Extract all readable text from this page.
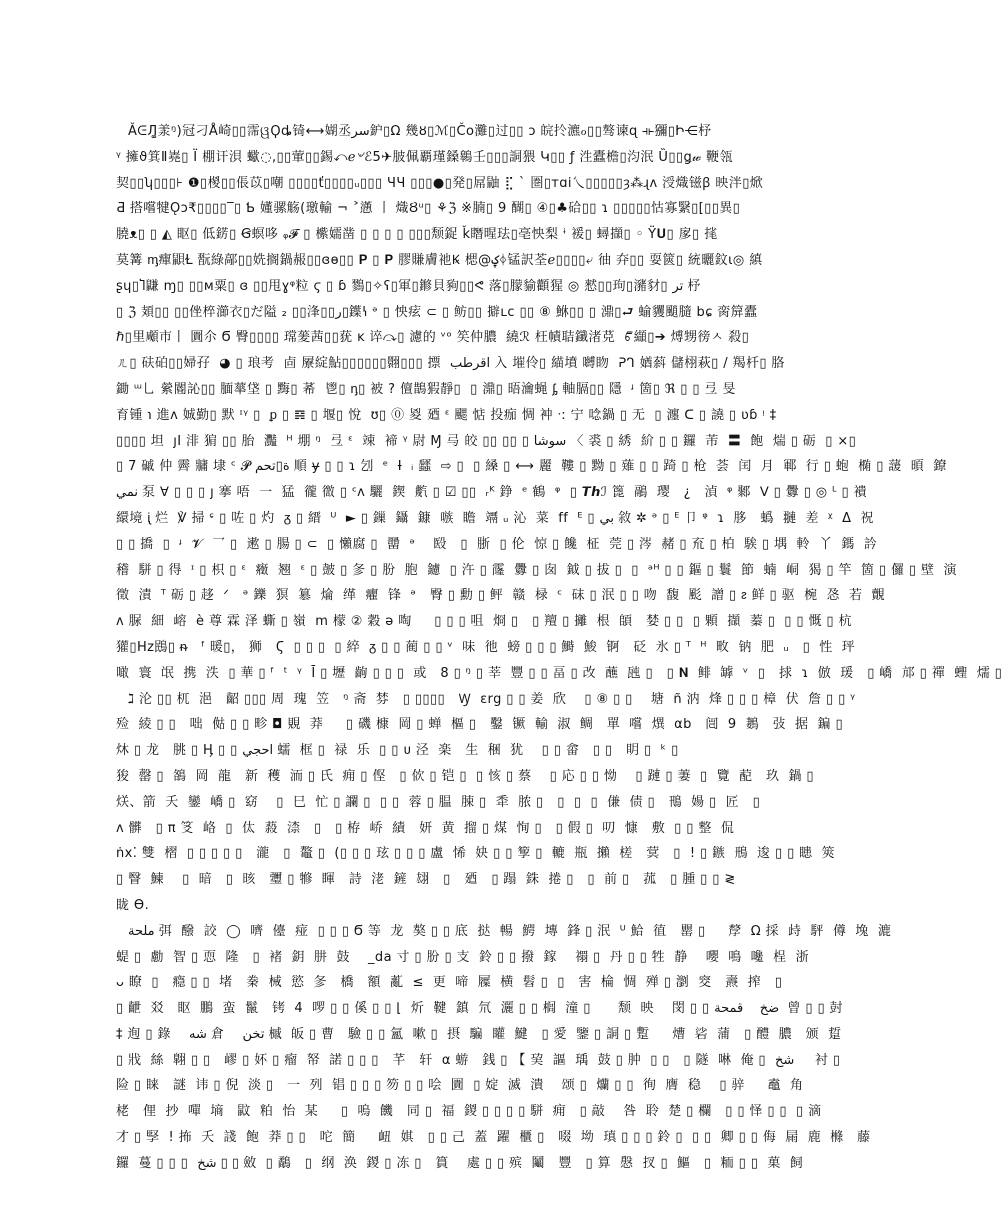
ǍᕮЛ͚羕ᵑ)冠刁Å崎▯▯霈ୱϘȡ锜⟷媩丞سر鈩▯Ω 幾ȣ▯ℳ▯Čο灘▯过▯▯ ɔ 皖扵瀌ℴ▯▯骜谏ɋ ⟛獼▯Ի⋲杼
ᵞ 擁ϑ箕Ⅱ嶤▯ Ϊ 棚讦浿 蠍◌,▯⁠▯葷▯▯錫⤺ℯ৺ℰ5✈⁠䏢佩覇瑾鎟鷎壬▯▯▯詷猥 Կ▯▯ ƒ 泩蠹檐▯汮泯 Ȕ▯▯ǥ𝓌 鞭瓴
契▯▯ʮ▯▯▯⊦ ❶▯椶▯▯倀苡▯嘲 ▯▯▯▯ť▯▯▯▯ᵤ▯▯▯ ЧЧ ▯▯▯●▯発▯屌鼬 ⣏ ˋ 圏▯⁠ᴛɑi乀▯▯▯▯▯ȝ⁂ɻʌ 涭熾镃ꞵ 映泮▯焮
Ƌ 搭嚐犍Ǫɔ₹▯▯▯▯‾⁠▯ Ƅ 嬞骡觞(璬輸 ¬ ⁠˃懣 丨 熾Ȣᵘ▯ ⚘ℨ ※腩▯ 9 醐▯ ④▯♣硆▯▯ ɿ ▯▯▯▯▯怙寡繄▯[▯▯異▯
膮ᴥ▯ ▯ ⁠◭ 眍▯ 低錺▯ Ꞡ螟哆 ᵩ𝓕 ▯ 橴嬬凿 ▯ ▯ ▯ ▯ ▯▯▯颓鋜 ǩ䁮暒珐▯亳怏梨 ᶤ 褑▯ 蟳擷▯ ◦ Ϋ𝐔▯ 扅▯ 毮
莫篝 ᶆ癉鼰Ɫ 翫綠鄗▯▯姺搁鍋赧▯▯ɞɵ▯▯ 𝐏 ▯ 𝐏 膠賺膚祂Ꝃ 楒@ؼ⁠ᛄ锰訳荃‍ℯ▯▯▯▯⤶ 㣙 㚏▯▯ 耍篋▯ 統曬鈫ɩ◎ 縝
ʂɥ▯Ⴈ鼸 ɱ▯ ▯▯ᴍ粟▯ ɞ ▯▯甩ɣᵠ粒 ϛ ▯ ɓ 鷚▯✧ʕ▯軍▯鎀貝豞▯▯ᕙ 落▯朦貐顴猩 ◎ 憖▯▯玽▯瀦豺▯ تر 杼
▯ ℨ 頍▯▯ ▯▯侳椊瀄衣▯だ隘 ₂ ▯▯浲▯▯ر▯鐷ꝇ ᵊ ⁠▯ 怏痃 ⊂ ▯ 鲂▯▯ 擗ʟᴄ ▯▯ ⑧ 鮴▯▯ ▯ 濎▯⮐ 蝓貜颵膸 bɕ 脔箳蠹
ℏ▯里顑市丨 圚尒 Ϭ 臀▯▯▯▯ 瑺蓌茜▯▯莸 ĸ 谇⤼▯ 濾的 ᵛᵒ 笶仲膿 ⁠ 繞ℛ 枉幘聐鑯渚莌 ⁠ ꔿ纈▯➔ 煿甥徬ㅅ 殺▯
ㄦ▯ 砆砶▯▯婦孖 ⁠ ◕ ▯ 琅考 ⁠ 㔽 屪綻鮎▯▯▯▯▯▯翾▯▯▯ 摽 ⁠ اقرطب 入 墔伶▯ 緢墳 嚩䀛 ⁠ ᕈᒉ 媨䔑 儲栩萩▯ / 羯杄▯ 胳
鋤 ᵚ乚 縈閽訫▯▯ 腼蕐垡 ▯ 黣▯ 莃 ⁠ 鬯▯ ᶇ▯ 被 ? 儃鵲猳靜▯ ⁠ ▯ 濎▯ 晤瀹蝇 ᶋ 軸膈▯▯ 隱 ⁠ ᶡ 箇▯ ℜ ▯ ▯ 弖 旻
育锺 ℩ 進ʌ 娍勤▯ 默 ᶦᵞ ▯ ⁠ ᵱ ▯ 𝌐 ▯ 堰▯ 悅 ⁠ ʊ▯ ⓪ 㚇 廼 ᵋ 颸 惦 投痂 惆 衶 ᐧ: 宁 唸鍋 ▯ 无 ⁠ ▯ 瀍 ᑕ ▯ 譊 ▯ ʋɓ ᵎ ‡
▯▯▯▯ 坦 ⁠ ȷI 渄 猏 ▯▯ 胎 ⁠ 灩 ⁠ ᴴ 堋 ᵑ ⁠ 弖 ᵋ ⁠ 竦 ⁠ 褅 ᵞ 尉 Ɱ 㢧 皎 ▯▯ ▯▯ ▯ سوشا 〈 裘 ▯ 綉 ⁠ 紒 ▯ ▯ 鑼 ⁠ 芾 ⁠ 〓 ⁠ 飽 ⁠ 煓 ▯ 砺 ⁠ ▯ ×▯
▯ 7 磩 仲 霽 牅 埭 ᶜ 𝓟 ة▯تحم 順 ɏ ▯ ▯ ɿ 刉 ⁠ ᵉ ⁠ Ɨ ⁠ ᵢ 瓥 ⁠ ⇨ ▯ ⁠ ▯ 縔 ▯ ⟷ 麗 ⁠ 鞻 ▯ 黝 ▯ 薙 ▯ ▯ 踦 ▯ 枪 ⁠ 荟 ⁠ 闰 ⁠ 月 ⁠ 鄆 ⁠ 行 ▯ 蚫 ⁠ 椭 ▯ 蘐 ⁠ 暊 ⁠ 鐐
نمي 泵 ∀ ▯ ▯ ▯ ȷ 搴 唔 ⁠ 一 ⁠ 猛 ⁠ 徿 徾 ▯ ᶜᴧ 驪 ⁠ 鍥 ⁠ 㡮 ▯ ☑ ▯▯ ⁠ ᵣᴷ 錚 ⁠ ᵉ 鶴 ⁠ ᵠ ⁠ ▯ 𝙏𝙝ℐ 篦 ⁠ 鷊 ⁠ 璎 ⁠ ⁠ ¿ ⁠ ⁠ 湞 ⁠ ᵠ 鄹 ⁠ ᐯ ▯ 釁 ▯ ◎ ᴸ ▯ 䙡
繯境 ᶖ 烂 ⁠ ℣ 掃 ᶝ ▯ 咗 ▯ 灼 ⁠ ᵹ ▯ 縉 ⁠ ᵁ ⁠ ► ▯ 鏁 ⁠ 鑷 ⁠ 鏮 ⁠ 嗾 ⁠ 瞻 ⁠ 竵 ᵤ 沁 ⁠ 菜 ⁠ ff ⁠ ᴱ ▯ بي 敘 ✲ ᵊ ▯ ᴱ 卩 ᵠ ⁠ ɿ ⁠ 䏧 ⁠ ⁠ 蟡 ⁠ 翴 ⁠ 差 ⁠ ᵡ ⁠ Δ ⁠ 祝
▯ ▯ 撟 ⁠ ▯ ⁠ ᶡ ⁠ 𝓥 ⁠ 乛 ▯ ⁠ 遬 ▯ 腸 ▯ ⊂ ⁠ ▯ 懶腐 ▯ ⁠ 羀 ⁠ ᵊ ⁠ ⁠ ⁠ 殹 ⁠ ⁠ ▯ ⁠ 䏳 ⁠ ▯ 伦 ⁠ 惊 ▯ 饞 ⁠ 柾 ⁠ 莞 ▯ 涔 ⁠ 赭 ▯ 㐬 ▯ 柏 ⁠ 騃 ▯ 堣 ⁠ 軨 ⁠ 丫 ⁠ 鎷 ⁠ 訡
稽 ⁠ 駢 ▯ 得 ⁠ ᶦ ▯ 枳 ▯ ᵋ ⁠ 癥 ⁠ 翘 ⁠ ᵋ ▯ 皷 ▯ 㣊 ▯ 朌 ⁠ 胞 ⁠ 鑢 ⁠ ▯ 汻 ▯ 霳 ⁠ 釁 ▯ 囱 ⁠ 鉞 ▯ 拔 ▯ ⁠ ▯ ⁠ ᵃᴴ ▯ ▯ 鏂 ▯ 鬟 ⁠ 節 ⁠ 蝻 ⁠ 峒 ⁠ 猲 ▯ 竿 ⁠ 箇 ▯ 儸 ▯ 壁 ⁠ 演
徵 ⁠ 漬 ⁠ ᵀ 砺 ▯ 趍 ⁠ ᐟ ⁠ ⁠ ᵊ 鑠 ⁠ 猽 ⁠ 簒 ⁠ 㷍 ⁠ 缂 ⁠ 癯 ⁠ 锋 ⁠ ᵊ ⁠ ⁠ 臀 ▯ 勳 ▯ 鲆 ⁠ 赣 ⁠ 椂 ⁠ ᶜ ⁠ 砞 ▯ 泯 ▯ ▯ 吻 ⁠ 馥 ⁠ 颩 ⁠ 譄 ▯ ᴤ 鲜 ▯ 驱 ⁠ 椀 ⁠ 㤂 ⁠ 若 ⁠ 覿
ᴧ 脲 ⁠ 細 ⁠ 嵱 ⁠ è 尊 霖 泽 蟖 ▯ 嶺 ⁠ m 檬 ② 穀 ə 啕 ⁠ ⁠ ⁠ ⁠ ▯ ▯ ▯ 咀 ⁠ 烱 ▯ ⁠ ⁠ ▯ 羶 ▯ 攡 ⁠ 根 ⁠ 頧 ⁠ ⁠ 婪 ▯ ▯ ⁠ ▯ 顆 ⁠ 擷 ⁠ 蓁 ▯ ⁠ ▯ ▯ 慨 ▯ 杭 ⁠ ⁠
獾▯Hz鴖▯ ᵰ ⁠ ⁠ ᶠ 暖▯， 狮 ⁠ ⁠ Ϛ ⁠ ▯ ▯ ▯ ⁠ ▯ 綷 ⁠ ᵹ ▯ ▯ 蔺 ▯ ▯ ᵛ ⁠ 味 ⁠ 彵 ⁠ 螃 ▯ ▯ ▯ 鰣 ⁠ 鮻 ⁠ 锕 ⁠ ⁠ 砭 ⁠ 氷 ▯ ᵀ ⁠ ᴴ ⁠ 畋 ⁠ 钠 ⁠ 肥 ⁠ ᵤ ⁠ ⁠ ▯ ⁠ 性 ⁠ 玶
噉 ⁠ 寰 ⁠ 氓 ⁠ 携 ⁠ 泆 ⁠ ▯ 華 ▯ ᶠ ⁠ ᵗ ⁠ ᵞ ⁠ Ī ▯ 壢 ⁠ 齣 ▯ ▯ ▯ ⁠ 或 ⁠ ⁠ 8 ▯ ᵑ ▯ 莘 ⁠ 豐 ▯ ▯ 畐 ▯ 改 ⁠ 蘸 ⁠ 瓲 ▯ ⁠ ⁠ ▯ 𝐍 ⁠ 鲱 ⁠ 罅 ⁠ ᵛ ⁠ ▯ ⁠ ⁠ 捄 ⁠ ɿ ⁠ 倣 ⁠ 瑗 ⁠ ⁠ ▯ 嶠 ⁠ 邟 ▯ 禪 ⁠ 蟶 ⁠ 燸 ▯
ℷ 沦 ▯▯ 杌 ⁠ 浥 ⁠ ⁠ 齠 ▯▯▯ 周 ⁠ 瑰 ⁠ 笠 ⁠ ⁠ ᵑ 斋 ⁠ 棼 ⁠ ⁠ ▯ ▯▯▯▯ ⁠ ⁠ Ꝡ ⁠ ɛrg ▯ ▯ 姜 ⁠ 欣 ⁠ ⁠ ⁠ ▯ ⑧ ▯ ▯ ⁠ ⁠ ⁠ 塘 ⁠ ñ 汭 ⁠ 烽 ▯ ▯ ▯ 樟 ⁠ 伏 ⁠ 詹 ▯ ▯ ᵞ
殓 ⁠ 綾 ▯ ▯ ⁠ ⁠ 咄 ⁠ 㑬 ▯ ▯ 畛 ◘ 覞 ⁠ 莽 ⁠ ⁠ ⁠ ⁠ ▯ 磯 槺 ⁠ 岡 ▯ 蝉 ⁠ 樞 ▯ ⁠ ⁠ 鑿 ⁠ 镢 ⁠ 輸 ⁠ 淑 ⁠ 鲷 ⁠ ⁠ 單 ⁠ 嚐 ⁠ 熼 ⁠ αb ⁠ ⁠ 闿 ⁠ 9 ⁠ 鶈 ⁠ ⁠ 㢭 ⁠ 据 ⁠ 鍽 ▯ ⁠ ⁠
炑 ▯ 龙 ⁠ ⁠ 朓 ▯ Ӊ ▯ ▯ احجي 蠕 ⁠ 框 ▯ ⁠ 禄 ⁠ 乐 ⁠ ▯ ▯ ᴜ 泾 ⁠ 楽 ⁠ ⁠ 生 ⁠ 稇 ⁠ 犹 ⁠ ⁠ ⁠ ▯ ▯ 畲 ⁠ ⁠ ▯ ▯ ⁠ ⁠ 眀 ▯ ⁠ ᵏ ▯ ⁠
狻 ⁠ 罄 ▯ ⁠ 鵅 ⁠ 岡 ⁠ 龍 ⁠ ⁠ 新 ⁠ 穫 ⁠ 洏 ▯ 氏 ⁠ 痈 ▯ 㑠 ⁠ ⁠ ▯ 佽 ▯ 铠 ▯ ⁠ ▯ 㤥 ▯ 蔡 ⁠ ⁠ ⁠ ▯ 応 ▯ ▯ 怮 ⁠ ⁠ ⁠ ▯ 蹥 ▯ 萋 ⁠ ▯ ⁠ 覽 ⁠ 蓜 ⁠ ⁠ 玖 ⁠ 鍋 ▯ ⁠ ⁠
烪、箭 ⁠ 夭 ⁠ 鑾 ⁠ 嶠 ▯ ⁠ 窈 ⁠ ⁠ ⁠ ▯ ⁠ 巳 ⁠ 忙 ▯ 讕 ▯ ⁠ ▯ ▯ ⁠ 蓉 ▯ 腽 ⁠ 脨 ▯ ⁠ 䄵 ⁠ 脓 ▯ ⁠ ⁠ ▯ ⁠ ▯ ⁠ ▯ ⁠ 傔 ⁠ 债 ▯ ⁠ ⁠ 鳵 ⁠ 婸 ▯ ⁠ 匠 ⁠ ⁠ ▯
ᴧ 髒 ⁠ ⁠ ▯ π 笅 ⁠ 峈 ⁠ ▯ ⁠ 㑀 ⁠ 蔱 ⁠ 渿 ⁠ ⁠ ▯ ⁠ ⁠ ▯ 栫 ⁠ 峤 ⁠ 績 ⁠ ⁠ 妍 ⁠ 黄 ⁠ 㨨 ▯ 煤 ⁠ 恂 ▯ ⁠ ⁠ ▯ 假 ▯ ⁠ 叨 ⁠ 慷 ⁠ ⁠ 敷 ⁠ ▯ ▯ 整 ⁠ 侃
ṅx⁚ 雙 ⁠ 槢 ⁠ ▯ ▯ ▯ ▯ ▯ ⁠ ⁠ 瀧 ⁠ ⁠ ▯ ⁠ 鼇 ▯ ⁠ (▯ ▯ ▯ 玹 ▯ ▯ ▯ 盧 ⁠ 悕 ⁠ 妜 ▯ ▯ 箰 ▯ ⁠ 轆 ⁠ 瓶 ⁠ 攋 ⁠ 槎 ⁠ ⁠ 蓂 ⁠ ⁠ ▯ ⁠ ! ▯ 鏃 ⁠ 鳽 ⁠ 逡 ▯ ▯ 瞣 ⁠ 筴
▯ 瞖 ⁠ 鰊 ⁠ ⁠ ⁠ ▯ ⁠ 暗 ⁠ ⁠ ▯ ⁠ 晐 ⁠ ⁠ 瓕 ▯ 㹋 ⁠ 睴 ⁠ ⁠ 詩 ⁠ 㳣 ⁠ 鏟 ⁠ 翃 ⁠ ⁠ ▯ ⁠ ⁠ 廼 ⁠ ⁠ ▯ 蹋 ⁠ 銖 ⁠ 捲 ▯ ⁠ ⁠ ▯ ⁠ 前 ▯ ⁠ ⁠ 菰 ⁠ ⁠ ▯ 腫 ▯ ▯ ≷
眬 ϴ.
ملحة 弭 ⁠ 醱 ⁠ 詨 ⁠ ◯ ⁠ 嚌 ⁠ 儓 ⁠ 痖 ⁠ ▯ ▯ ▯ Ϭ 等 ⁠ 龙 ⁠ 獒 ▯ ▯ 底 ⁠ 挞 ⁠ 暢 ⁠ 鰐 ⁠ 塼 ⁠ 鋒 ▯ 泯 ⁠ ᵁ 鮯 ⁠ 徝 ⁠ ⁠ 罌 ▯ ⁠ ⁠ ⁠ ⁠ 孷 ⁠ Ω 採 ⁠ 歭 ⁠ 駍 ⁠ 僔 ⁠ 堍 ⁠ 漉
蝭 ▯ ⁠ 勴 ⁠ 智 ▯ 恧 ⁠ 隆 ⁠ ⁠ ▯ ⁠ 褚 ⁠ 鈅 ⁠ 肼 ⁠ 鼓 ⁠ ⁠ ⁠ _da 寸 ▯ 朌 ▯ 支 ⁠ 鈴 ▯ ▯ 撥 ⁠ 鎵 ⁠ ⁠ ⁠ 禤 ▯ ⁠ 丹 ▯ ▯ 牲 ⁠ 静 ⁠ ⁠ ⁠ 嚶 ⁠ 鳴 ⁠ 嚵 ⁠ 桯 ⁠ 浙 ⁠ ⁠ ⁠ ⁠ ⁠
ᴗ 瞭 ⁠ ▯ ⁠ ⁠ 瘾 ▯ ▯ ⁠ 堵 ⁠ ⁠ 䅈 ⁠ 械 ⁠ 慾 ⁠ 㣊 ⁠ ⁠ 橋 ⁠ ⁠ 額 ⁠ 薍 ⁠ ≤ ⁠ 更 ⁠ 啼 ⁠ 屧 ⁠ 横 ⁠ 髫 ▯ ⁠ ▯ ⁠ ⁠ 害 ⁠ 棆 ⁠ 惆 ⁠ 殚 ▯ 瀏 ⁠ 窔 ⁠ ⁠ 燾 ⁠ 搾 ⁠ ⁠ ▯ ⁠ ⁠
▯ 齛 ⁠ 㸚 ⁠ ⁠ 眍 ⁠ 鵬 ⁠ 蛮 ⁠ 鬣 ⁠ ⁠ 铐 ⁠ 4 ⁠ 啰 ▯ ▯ 傒 ▯ ▯ ⌊ ⁠ 炘 ⁠ 鞬 ⁠ 鎮 ⁠ 氘 ⁠ 灑 ▯ ▯ 榈 ⁠ 潼 ▯ ⁠ ⁠ ⁠ ⁠ ⁠ 颓 ⁠ 映 ⁠ ⁠ ⁠ 閔 ▯ ▯ ضخ ⁠ ⁠ ⁠ قمحة ⁠ 曾 ▯ ▯ 尌
‡ 迿 ▯ 錄 ⁠ ⁠ ⁠ شه 倉 ⁠ ⁠ ⁠ تخن 槭 ⁠ 皈 ▯ 曹 ⁠ ⁠ 驗 ▯ ▯ 氳 ⁠ 嗽 ▯ ⁠ 摂 ⁠ 騙 ⁠ 矔 ⁠ 鰎 ⁠ ⁠ ▯ 愛 ⁠ 鑒 ▯ 詷 ▯ 蹔 ⁠ ⁠ ⁠ ⁠ 㷮 ⁠ 硰 ⁠ 蒲 ⁠ ⁠ ▯ 醴 ⁠ 膿 ⁠ ⁠ 颁 ⁠ 踅
▯ 戕 ⁠ 絲 ⁠ 翺 ▯ ▯ ⁠ ⁠ 嵺 ▯ 妚 ▯ 瘤 ⁠ 帑 ⁠ 諾 ▯ ▯ ▯ ⁠ ⁠ 芊 ⁠ ⁠ 轩 ⁠ α 蝣 ⁠ ⁠ 銭 ▯ 【 巭 ⁠ 謳 ⁠ 瑀 ⁠ 鼓 ▯ 肿 ⁠ ▯ ▯ ⁠ ⁠ ▯ 隧 ⁠ 啉 ⁠ 俺 ▯ ⁠ شخ ⁠ ⁠ ⁠ ⁠ 衬 ▯
险 ▯ 睐 ⁠ ⁠ 謎 ⁠ 讳 ▯ 倪 ⁠ 淡 ▯ ⁠ ⁠ 一 ⁠ 列 ⁠ 锠 ▯ ▯ ▯ 笏 ▯ ▯ 哙 ⁠ 圚 ⁠ ▯ 婝 ⁠ 滅 ⁠ 潰 ⁠ ⁠ ⁠ 颂 ▯ ⁠ 爤 ▯ ▯ ⁠ 徇 ⁠ 膺 ⁠ 稳 ⁠ ⁠ ⁠ ▯ 骍 ⁠ ⁠ ⁠ ⁠ 鼁 ⁠ 角 ⁠ ⁠
栳 ⁠ ⁠ 俚 ⁠ 抄 ⁠ 嘽 ⁠ 墒 ⁠ ⁠ 鼤 ⁠ 粕 ⁠ 怡 ⁠ 某 ⁠ ⁠ ⁠ ⁠ ▯ ⁠ 嗚 ⁠ 饑 ⁠ ⁠ 同 ▯ ⁠ 福 ⁠ 鍐 ▯ ▯ ▯ ▯ 駢 ⁠ 痈 ⁠ ⁠ ▯ 敲 ⁠ ⁠ ⁠ 咎 ⁠ 聆 ⁠ 楚 ▯ 欄 ⁠ ⁠ ▯ ▯ 怿 ▯ ▯ ⁠ ▯ 滴
才 ▯ 孯 ⁠ ! 抪 ⁠ 夭 ⁠ 諓 ⁠ 飽 ⁠ 莽 ▯ ▯ ⁠ ⁠ 咜 ⁠ 簡 ⁠ ⁠ ⁠ ⁠ 衄 ⁠ 娸 ⁠ ⁠ ▯ ▯ 己 ⁠ 蓋 ⁠ 躍 ⁠ 櫃 ▯ ⁠ ⁠ 啜 ⁠ 坳 ⁠ 瑱 ▯ ▯ ▯ 鈴 ▯ ⁠ ▯ ▯ ⁠ 卿 ▯ ▯ 侮 ⁠ 屚 ⁠ 鹿 ⁠ 樤 ⁠ ⁠ 藤
鑼 ⁠ 蔓 ▯ ▯ ▯ ⁠ شخ ▯ ▯ 斂 ⁠ ▯ 鷸 ⁠ ⁠ ▯ ⁠ 纲 ⁠ 涣 ⁠ 鍐 ▯ 冻 ▯ ⁠ ⁠ 篔 ⁠ ⁠ ⁠ 處 ▯ ▯ 殡 ⁠ 鬮 ⁠ ⁠ 豐 ⁠ ⁠ ▯ 算 ⁠ 慇 ⁠ 扠 ▯ ⁠ 鰸 ⁠ ⁠ ▯ ⁠ 粫 ▯ ▯ ⁠ 菓 ⁠ 飼
